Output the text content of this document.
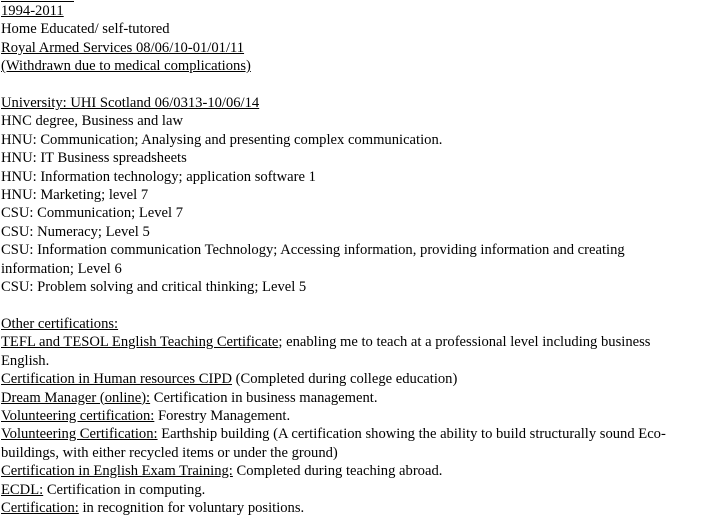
1994-2011
Home Educated/ self-tutored
Royal Armed Services 08/06/10-01/01/11
(Withdrawn due to medical complications)
University: UHI Scotland 06/0313-10/06/14
HNC degree, Business and law
HNU: Communication; Analysing and presenting complex communication.
HNU: IT Business spreadsheets
HNU: Information technology; application software 1
HNU: Marketing; level 7
CSU: Communication; Level 7
CSU: Numeracy; Level 5
CSU: Information communication Technology; Accessing information, providing information and creating information; Level 6
CSU: Problem solving and critical thinking; Level 5
Other certifications:
TEFL and TESOL English Teaching Certificate; enabling me to teach at a professional level including business English.
Certification in Human resources CIPD (Completed during college education)
Dream Manager (online): Certification in business management.
Volunteering certification: Forestry Management.
Volunteering Certification: Earthship building (A certification showing the ability to build structurally sound Eco-buildings, with either recycled items or under the ground)
Certification in English Exam Training: Completed during teaching abroad.
ECDL: Certification in computing.
Certification: in recognition for voluntary positions.
